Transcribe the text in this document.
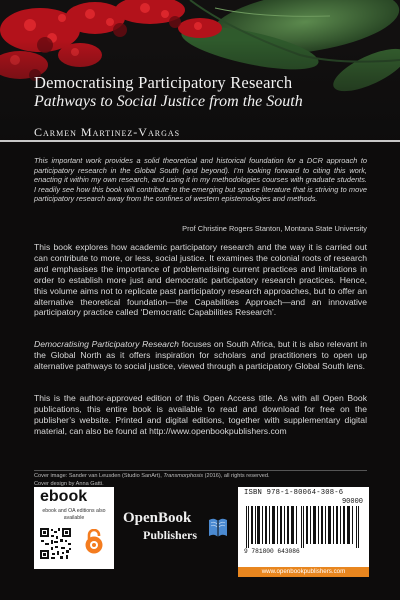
Democratising Participatory Research
Pathways to Social Justice from the South
Carmen Martinez-Vargas
This important work provides a solid theoretical and historical foundation for a DCR approach to participatory research in the Global South (and beyond). I’m looking forward to citing this work, enacting it within my own research, and using it in my methodologies courses with graduate students. I readily see how this book will contribute to the emerging but sparse literature that is striving to move participatory research away from the confines of western epistemologies and methods.
Prof Christine Rogers Stanton, Montana State University
This book explores how academic participatory research and the way it is carried out can contribute to more, or less, social justice. It examines the colonial roots of research and emphasises the importance of problematising current practices and limitations in order to establish more just and democratic participatory research practices. Hence, this volume aims not to replicate past participatory research approaches, but to offer an alternative theoretical foundation—the Capabilities Approach—and an innovative participatory practice called ‘Democratic Capabilities Research’.
Democratising Participatory Research focuses on South Africa, but it is also relevant in the Global North as it offers inspiration for scholars and practitioners to open up alternative pathways to social justice, viewed through a participatory Global South lens.
This is the author-approved edition of this Open Access title. As with all Open Book publications, this entire book is available to read and download for free on the publisher’s website. Printed and digital editions, together with supplementary digital material, can also be found at http://www.openbookpublishers.com
Cover image: Sander van Leusden (Studio SanArt), Transmorphosis (2016), all rights reserved.
Cover design by Anna Gatti.
ebook
ebook and OA editions also available	OpenBook
Publishers
ISBN 978-1-80064-308-6
90000
9 781800 643086
www.openbookpublishers.com
